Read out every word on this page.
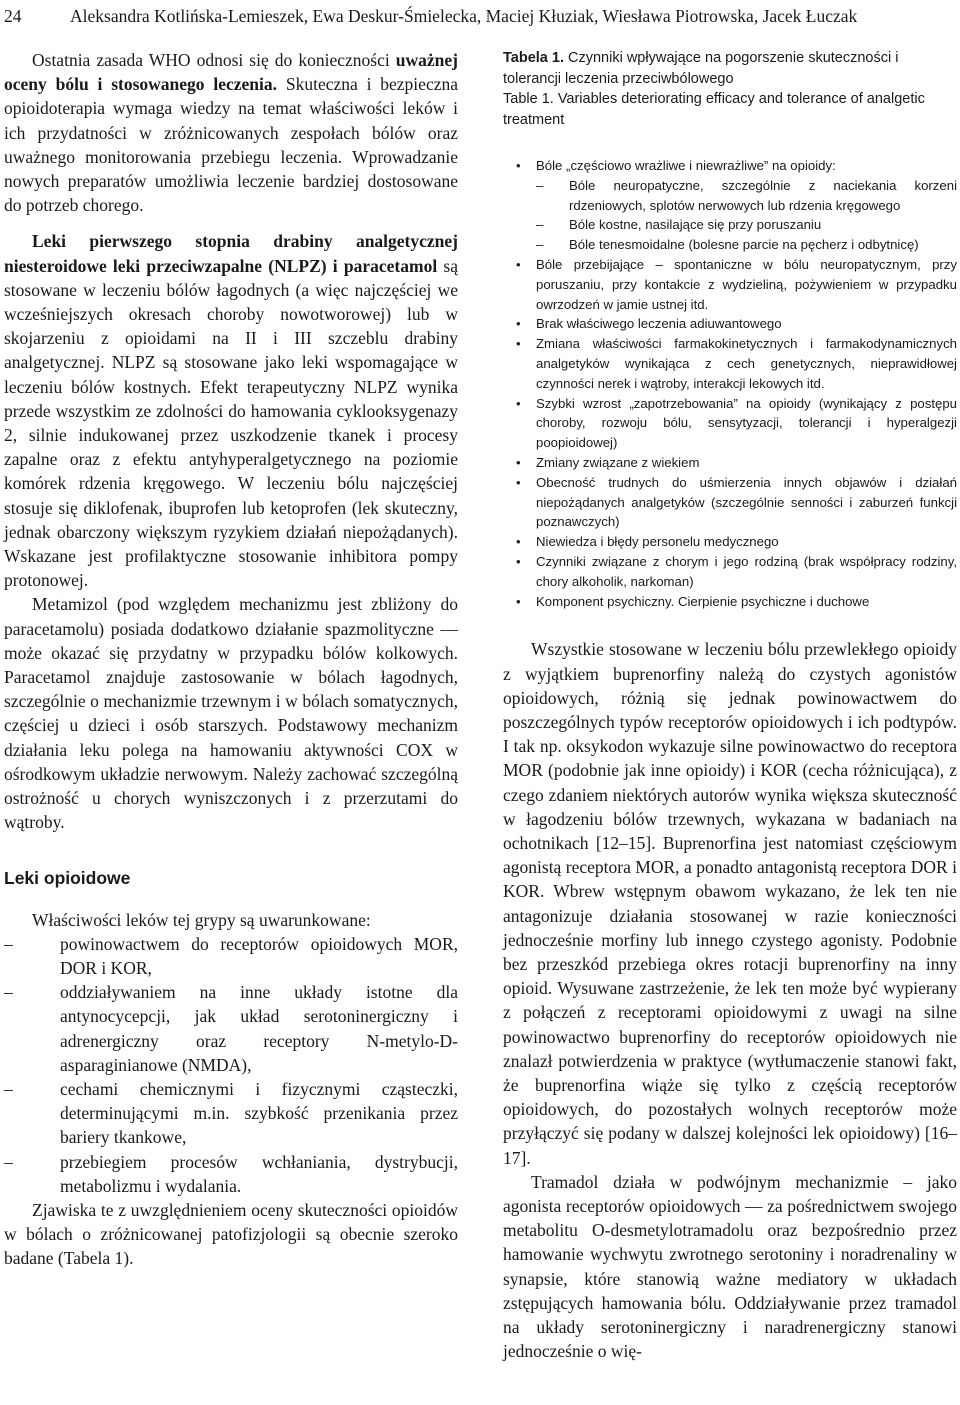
24	Aleksandra Kotlińska-Lemieszek, Ewa Deskur-Śmielecka, Maciej Kłuziak, Wiesława Piotrowska, Jacek Łuczak

Ostatnia zasada WHO odnosi się do konieczności uważnej oceny bólu i stosowanego leczenia. Skuteczna i bezpieczna opioidoterapia wymaga wiedzy na temat właściwości leków i ich przydatności w zróżnicowanych zespołach bólów oraz uważnego monitorowania przebiegu leczenia. Wprowadzanie nowych preparatów umożliwia leczenie bardziej dostosowane do potrzeb chorego.

Leki pierwszego stopnia drabiny analgetycznej niesteroidowe leki przeciwzapalne (NLPZ) i paracetamol są stosowane w leczeniu bólów łagodnych (a więc najczęściej we wcześniejszych okresach choroby nowotworowej) lub w skojarzeniu z opioidami na II i III szczeblu drabiny analgetycznej. NLPZ są stosowane jako leki wspomagające w leczeniu bólów kostnych. Efekt terapeutyczny NLPZ wynika przede wszystkim ze zdolności do hamowania cyklooksygenazy 2, silnie indukowanej przez uszkodzenie tkanek i procesy zapalne oraz z efektu antyhyperalgetycznego na poziomie komórek rdzenia kręgowego. W leczeniu bólu najczęściej stosuje się diklofenak, ibuprofen lub ketoprofen (lek skuteczny, jednak obarczony większym ryzykiem działań niepożądanych). Wskazane jest profilaktyczne stosowanie inhibitora pompy protonowej.

Metamizol (pod względem mechanizmu jest zbliżony do paracetamolu) posiada dodatkowo działanie spazmolityczne — może okazać się przydatny w przypadku bólów kolkowych. Paracetamol znajduje zastosowanie w bólach łagodnych, szczególnie o mechanizmie trzewnym i w bólach somatycznych, częściej u dzieci i osób starszych. Podstawowy mechanizm działania leku polega na hamowaniu aktywności COX w ośrodkowym układzie nerwowym. Należy zachować szczególną ostrożność u chorych wyniszczonych i z przerzutami do wątroby.

Leki opioidowe

Właściwości leków tej grypy są uwarunkowane:

–	powinowactwem do receptorów opioidowych MOR, DOR i KOR,
–	oddziaływaniem na inne układy istotne dla antynocycepcji, jak układ serotoninergiczny i adrenergiczny oraz receptory N-metylo-D-asparaginianowe (NMDA),
–	cechami chemicznymi i fizycznymi cząsteczki, determinującymi m.in. szybkość przenikania przez bariery tkankowe,
–	przebiegiem procesów wchłaniania, dystrybucji, metabolizmu i wydalania.

Zjawiska te z uwzględnieniem oceny skuteczności opioidów w bólach o zróżnicowanej patofizjologii są obecnie szeroko badane (Tabela 1).

Tabela 1. Czynniki wpływające na pogorszenie skuteczności i tolerancji leczenia przeciwbólowego
Table 1. Variables deteriorating efficacy and tolerance of analgetic treatment
• Bóle „częściowo wrażliwe i niewrażliwe” na opioidy:
– Bóle neuropatyczne, szczególnie z naciekania korzeni rdzeniowych, splotów nerwowych lub rdzenia kręgowego
– Bóle kostne, nasilające się przy poruszaniu
– Bóle tenesmoidalne (bolesne parcie na pęcherz i odbytnicę)
• Bóle przebijające – spontaniczne w bólu neuropatycznym, przy poruszaniu, przy kontakcie z wydzieliną, pożywieniem w przypadku owrzodzeń w jamie ustnej itd.
• Brak właściwego leczenia adiuwantowego
• Zmiana właściwości farmakokinetycznych i farmakodynamicznych analgetyków wynikająca z cech genetycznych, nieprawidłowej czynności nerek i wątroby, interakcji lekowych itd.
• Szybki wzrost „zapotrzebowania” na opioidy (wynikający z postępu choroby, rozwoju bólu, sensytyzacji, tolerancji i hyperalgezji poopioidowej)
• Zmiany związane z wiekiem
• Obecność trudnych do uśmierzenia innych objawów i działań niepożądanych analgetyków (szczególnie senności i zaburzeń funkcji poznawczych)
• Niewiedza i błędy personelu medycznego
• Czynniki związane z chorym i jego rodziną (brak współpracy rodziny, chory alkoholik, narkoman)
• Komponent psychiczny. Cierpienie psychiczne i duchowe

Wszystkie stosowane w leczeniu bólu przewlekłego opioidy z wyjątkiem buprenorfiny należą do czystych agonistów opioidowych, różnią się jednak powinowactwem do poszczególnych typów receptorów opioidowych i ich podtypów. I tak np. oksykodon wykazuje silne powinowactwo do receptora MOR (podobnie jak inne opioidy) i KOR (cecha różnicująca), z czego zdaniem niektórych autorów wynika większa skuteczność w łagodzeniu bólów trzewnych, wykazana w badaniach na ochotnikach [12–15]. Buprenorfina jest natomiast częściowym agonistą receptora MOR, a ponadto antagonistą receptora DOR i KOR. Wbrew wstępnym obawom wykazano, że lek ten nie antagonizuje działania stosowanej w razie konieczności jednocześnie morfiny lub innego czystego agonisty. Podobnie bez przeszkód przebiega okres rotacji buprenorfiny na inny opioid. Wysuwane zastrzeżenie, że lek ten może być wypierany z połączeń z receptorami opioidowymi z uwagi na silne powinowactwo buprenorfiny do receptorów opioidowych nie znalazł potwierdzenia w praktyce (wytłumaczenie stanowi fakt, że buprenorfina wiąże się tylko z częścią receptorów opioidowych, do pozostałych wolnych receptorów może przyłączyć się podany w dalszej kolejności lek opioidowy) [16–17].

Tramadol działa w podwójnym mechanizmie – jako agonista receptorów opioidowych — za pośrednictwem swojego metabolitu O-desmetylotramadolu oraz bezpośrednio przez hamowanie wychwytu zwrotnego serotoniny i noradrenaliny w synapsie, które stanowią ważne mediatory w układach zstępujących hamowania bólu. Oddziaływanie przez tramadol na układy serotoninergiczny i naradrenergiczny stanowi jednocześnie o wię-
